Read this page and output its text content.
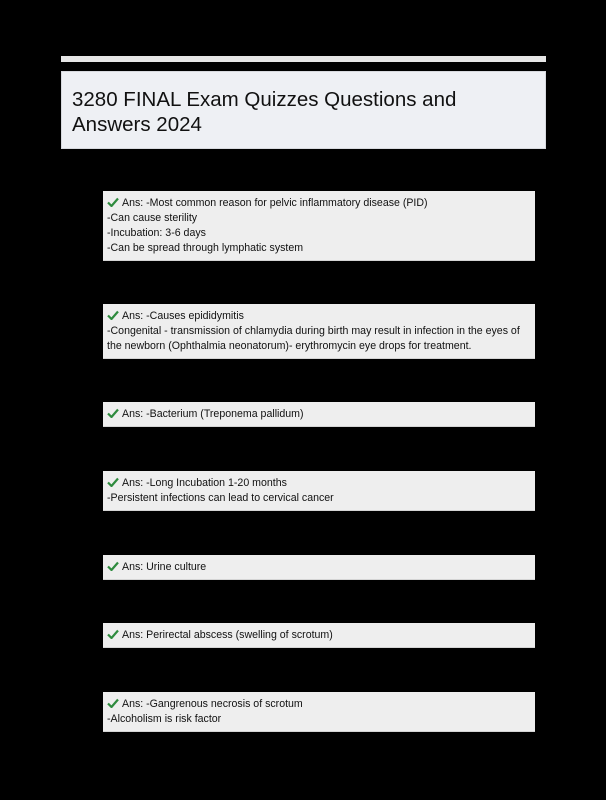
3280 FINAL Exam Quizzes Questions and Answers 2024
Ans: -Most common reason for pelvic inflammatory disease (PID)
-Can cause sterility
-Incubation: 3-6 days
-Can be spread through lymphatic system
Ans: -Causes epididymitis
-Congenital - transmission of chlamydia during birth may result in infection in the eyes of the newborn (Ophthalmia neonatorum)- erythromycin eye drops for treatment.
Ans: -Bacterium (Treponema pallidum)
Ans: -Long Incubation 1-20 months
-Persistent infections can lead to cervical cancer
Ans: Urine culture
Ans: Perirectal abscess (swelling of scrotum)
Ans: -Gangrenous necrosis of scrotum
-Alcoholism is risk factor
